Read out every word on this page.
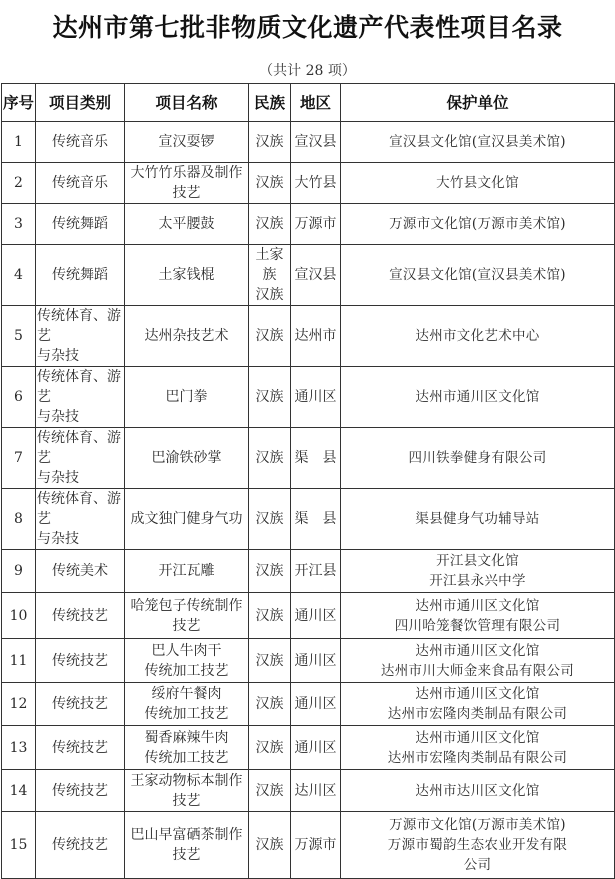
达州市第七批非物质文化遗产代表性项目名录
（共计 28 项）
序号	项目类别	项目名称	民族	地区	保护单位
1	传统音乐	宣汉耍锣	汉族	宣汉县	宣汉县文化馆(宣汉县美术馆)
2	传统音乐	大竹竹乐器及制作
技艺	汉族	大竹县	大竹县文化馆
3	传统舞蹈	太平腰鼓	汉族	万源市	万源市文化馆(万源市美术馆)
4	传统舞蹈	土家钱棍	土家族
汉族	宣汉县	宣汉县文化馆(宣汉县美术馆)
5	传统体育、游艺
与杂技	达州杂技艺术	汉族	达州市	达州市文化艺术中心
6	传统体育、游艺
与杂技	巴门拳	汉族	通川区	达州市通川区文化馆
7	传统体育、游艺
与杂技	巴渝铁砂掌	汉族	渠　县	四川铁拳健身有限公司
8	传统体育、游艺
与杂技	成文独门健身气功	汉族	渠　县	渠县健身气功辅导站
9	传统美术	开江瓦雕	汉族	开江县	开江县文化馆
开江县永兴中学
10	传统技艺	哈笼包子传统制作
技艺	汉族	通川区	达州市通川区文化馆
四川哈笼餐饮管理有限公司
11	传统技艺	巴人牛肉干
传统加工技艺	汉族	通川区	达州市通川区文化馆
达州市川大师金来食品有限公司
12	传统技艺	绥府午餐肉
传统加工技艺	汉族	通川区	达州市通川区文化馆
达州市宏隆肉类制品有限公司
13	传统技艺	蜀香麻辣牛肉
传统加工技艺	汉族	通川区	达州市通川区文化馆
达州市宏隆肉类制品有限公司
14	传统技艺	王家动物标本制作
技艺	汉族	达川区	达州市达川区文化馆
15	传统技艺	巴山早富硒茶制作
技艺	汉族	万源市	万源市文化馆(万源市美术馆)
万源市蜀韵生态农业开发有限
公司
